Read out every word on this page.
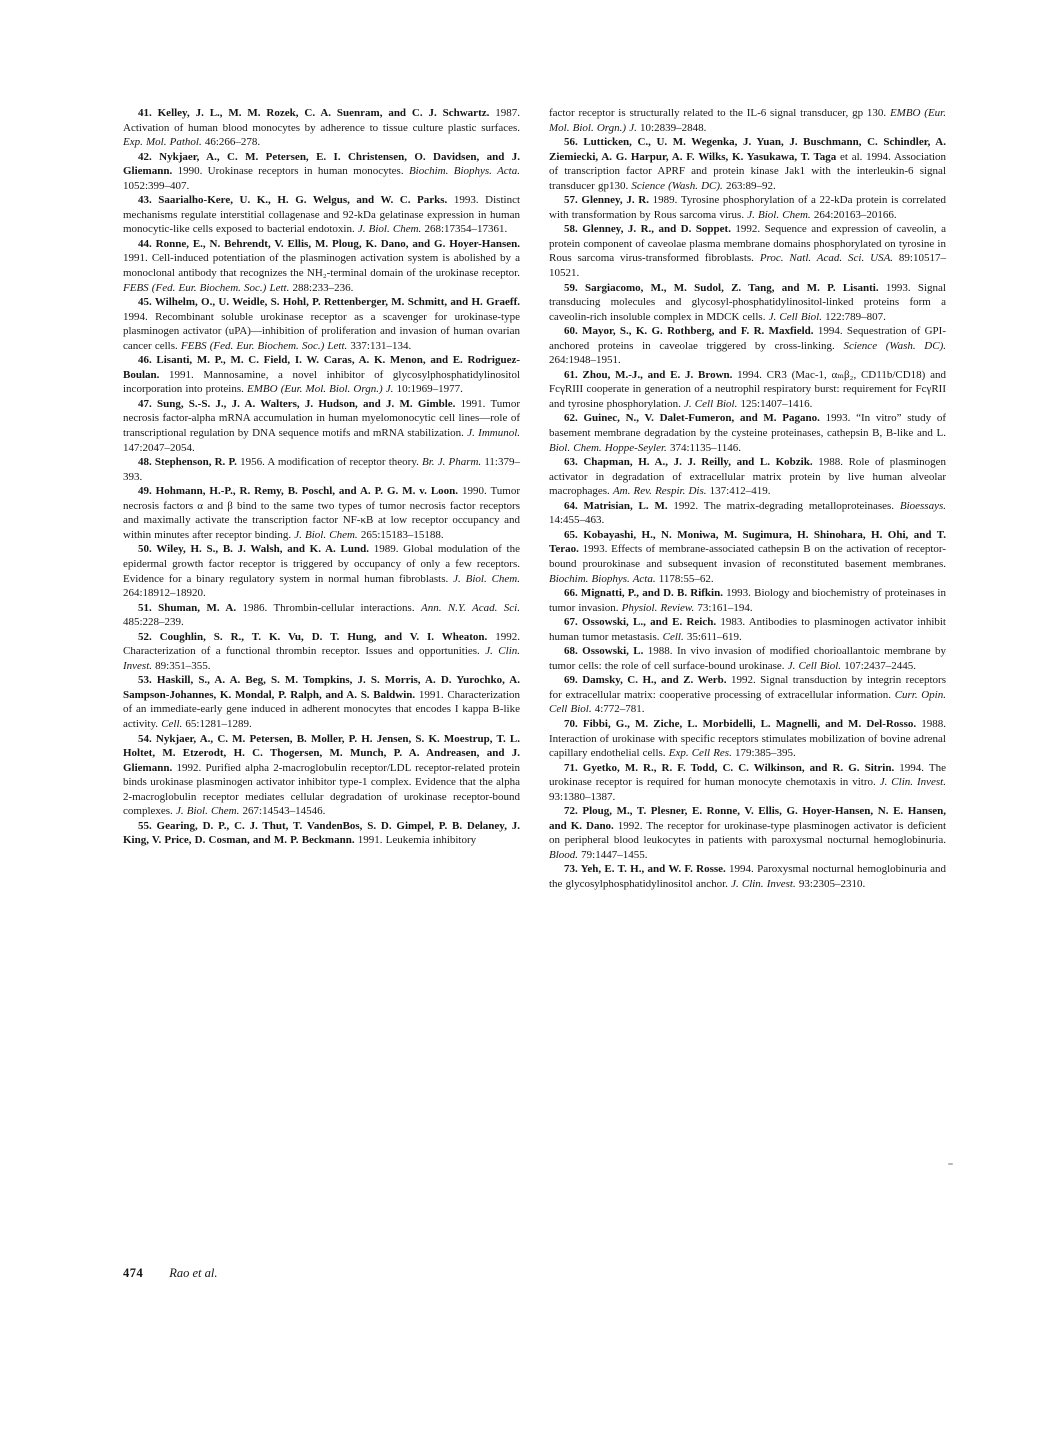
41. Kelley, J. L., M. M. Rozek, C. A. Suenram, and C. J. Schwartz. 1987. Activation of human blood monocytes by adherence to tissue culture plastic surfaces. Exp. Mol. Pathol. 46:266–278.

42. Nykjaer, A., C. M. Petersen, E. I. Christensen, O. Davidsen, and J. Gliemann. 1990. Urokinase receptors in human monocytes. Biochim. Biophys. Acta. 1052:399–407.

43. Saarialho-Kere, U. K., H. G. Welgus, and W. C. Parks. 1993. Distinct mechanisms regulate interstitial collagenase and 92-kDa gelatinase expression in human monocytic-like cells exposed to bacterial endotoxin. J. Biol. Chem. 268:17354–17361.

44. Ronne, E., N. Behrendt, V. Ellis, M. Ploug, K. Dano, and G. Hoyer-Hansen. 1991. Cell-induced potentiation of the plasminogen activation system is abolished by a monoclonal antibody that recognizes the NH₂-terminal domain of the urokinase receptor. FEBS (Fed. Eur. Biochem. Soc.) Lett. 288:233–236.

45. Wilhelm, O., U. Weidle, S. Hohl, P. Rettenberger, M. Schmitt, and H. Graeff. 1994. Recombinant soluble urokinase receptor as a scavenger for urokinase-type plasminogen activator (uPA)—inhibition of proliferation and invasion of human ovarian cancer cells. FEBS (Fed. Eur. Biochem. Soc.) Lett. 337:131–134.

46. Lisanti, M. P., M. C. Field, I. W. Caras, A. K. Menon, and E. Rodriguez-Boulan. 1991. Mannosamine, a novel inhibitor of glycosylphosphatidylinositol incorporation into proteins. EMBO (Eur. Mol. Biol. Orgn.) J. 10:1969–1977.

47. Sung, S.-S. J., J. A. Walters, J. Hudson, and J. M. Gimble. 1991. Tumor necrosis factor-alpha mRNA accumulation in human myelomonocytic cell lines—role of transcriptional regulation by DNA sequence motifs and mRNA stabilization. J. Immunol. 147:2047–2054.

48. Stephenson, R. P. 1956. A modification of receptor theory. Br. J. Pharm. 11:379–393.

49. Hohmann, H.-P., R. Remy, B. Poschl, and A. P. G. M. v. Loon. 1990. Tumor necrosis factors α and β bind to the same two types of tumor necrosis factor receptors and maximally activate the transcription factor NF-κB at low receptor occupancy and within minutes after receptor binding. J. Biol. Chem. 265:15183–15188.

50. Wiley, H. S., B. J. Walsh, and K. A. Lund. 1989. Global modulation of the epidermal growth factor receptor is triggered by occupancy of only a few receptors. Evidence for a binary regulatory system in normal human fibroblasts. J. Biol. Chem. 264:18912–18920.

51. Shuman, M. A. 1986. Thrombin-cellular interactions. Ann. N.Y. Acad. Sci. 485:228–239.

52. Coughlin, S. R., T. K. Vu, D. T. Hung, and V. I. Wheaton. 1992. Characterization of a functional thrombin receptor. Issues and opportunities. J. Clin. Invest. 89:351–355.

53. Haskill, S., A. A. Beg, S. M. Tompkins, J. S. Morris, A. D. Yurochko, A. Sampson-Johannes, K. Mondal, P. Ralph, and A. S. Baldwin. 1991. Characterization of an immediate-early gene induced in adherent monocytes that encodes I kappa B-like activity. Cell. 65:1281–1289.

54. Nykjaer, A., C. M. Petersen, B. Moller, P. H. Jensen, S. K. Moestrup, T. L. Holtet, M. Etzerodt, H. C. Thogersen, M. Munch, P. A. Andreasen, and J. Gliemann. 1992. Purified alpha 2-macroglobulin receptor/LDL receptor-related protein binds urokinase plasminogen activator inhibitor type-1 complex. Evidence that the alpha 2-macroglobulin receptor mediates cellular degradation of urokinase receptor-bound complexes. J. Biol. Chem. 267:14543–14546.

55. Gearing, D. P., C. J. Thut, T. VandenBos, S. D. Gimpel, P. B. Delaney, J. King, V. Price, D. Cosman, and M. P. Beckmann. 1991. Leukemia inhibitory

factor receptor is structurally related to the IL-6 signal transducer, gp 130. EMBO (Eur. Mol. Biol. Orgn.) J. 10:2839–2848.

56. Lutticken, C., U. M. Wegenka, J. Yuan, J. Buschmann, C. Schindler, A. Ziemiecki, A. G. Harpur, A. F. Wilks, K. Yasukawa, T. Taga et al. 1994. Association of transcription factor APRF and protein kinase Jak1 with the interleukin-6 signal transducer gp130. Science (Wash. DC). 263:89–92.

57. Glenney, J. R. 1989. Tyrosine phosphorylation of a 22-kDa protein is correlated with transformation by Rous sarcoma virus. J. Biol. Chem. 264:20163–20166.

58. Glenney, J. R., and D. Soppet. 1992. Sequence and expression of caveolin, a protein component of caveolae plasma membrane domains phosphorylated on tyrosine in Rous sarcoma virus-transformed fibroblasts. Proc. Natl. Acad. Sci. USA. 89:10517–10521.

59. Sargiacomo, M., M. Sudol, Z. Tang, and M. P. Lisanti. 1993. Signal transducing molecules and glycosyl-phosphatidylinositol-linked proteins form a caveolin-rich insoluble complex in MDCK cells. J. Cell Biol. 122:789–807.

60. Mayor, S., K. G. Rothberg, and F. R. Maxfield. 1994. Sequestration of GPI-anchored proteins in caveolae triggered by cross-linking. Science (Wash. DC). 264:1948–1951.

61. Zhou, M.-J., and E. J. Brown. 1994. CR3 (Mac-1, αₘβ₂, CD11b/CD18) and FcγRIII cooperate in generation of a neutrophil respiratory burst: requirement for FcγRII and tyrosine phosphorylation. J. Cell Biol. 125:1407–1416.

62. Guinec, N., V. Dalet-Fumeron, and M. Pagano. 1993. “In vitro” study of basement membrane degradation by the cysteine proteinases, cathepsin B, B-like and L. Biol. Chem. Hoppe-Seyler. 374:1135–1146.

63. Chapman, H. A., J. J. Reilly, and L. Kobzik. 1988. Role of plasminogen activator in degradation of extracellular matrix protein by live human alveolar macrophages. Am. Rev. Respir. Dis. 137:412–419.

64. Matrisian, L. M. 1992. The matrix-degrading metalloproteinases. Bioessays. 14:455–463.

65. Kobayashi, H., N. Moniwa, M. Sugimura, H. Shinohara, H. Ohi, and T. Terao. 1993. Effects of membrane-associated cathepsin B on the activation of receptor-bound prourokinase and subsequent invasion of reconstituted basement membranes. Biochim. Biophys. Acta. 1178:55–62.

66. Mignatti, P., and D. B. Rifkin. 1993. Biology and biochemistry of proteinases in tumor invasion. Physiol. Review. 73:161–194.

67. Ossowski, L., and E. Reich. 1983. Antibodies to plasminogen activator inhibit human tumor metastasis. Cell. 35:611–619.

68. Ossowski, L. 1988. In vivo invasion of modified chorioallantoic membrane by tumor cells: the role of cell surface-bound urokinase. J. Cell Biol. 107:2437–2445.

69. Damsky, C. H., and Z. Werb. 1992. Signal transduction by integrin receptors for extracellular matrix: cooperative processing of extracellular information. Curr. Opin. Cell Biol. 4:772–781.

70. Fibbi, G., M. Ziche, L. Morbidelli, L. Magnelli, and M. Del-Rosso. 1988. Interaction of urokinase with specific receptors stimulates mobilization of bovine adrenal capillary endothelial cells. Exp. Cell Res. 179:385–395.

71. Gyetko, M. R., R. F. Todd, C. C. Wilkinson, and R. G. Sitrin. 1994. The urokinase receptor is required for human monocyte chemotaxis in vitro. J. Clin. Invest. 93:1380–1387.

72. Ploug, M., T. Plesner, E. Ronne, V. Ellis, G. Hoyer-Hansen, N. E. Hansen, and K. Dano. 1992. The receptor for urokinase-type plasminogen activator is deficient on peripheral blood leukocytes in patients with paroxysmal nocturnal hemoglobinuria. Blood. 79:1447–1455.

73. Yeh, E. T. H., and W. F. Rosse. 1994. Paroxysmal nocturnal hemoglobinuria and the glycosylphosphatidylinositol anchor. J. Clin. Invest. 93:2305–2310.

474 Rao et al.
